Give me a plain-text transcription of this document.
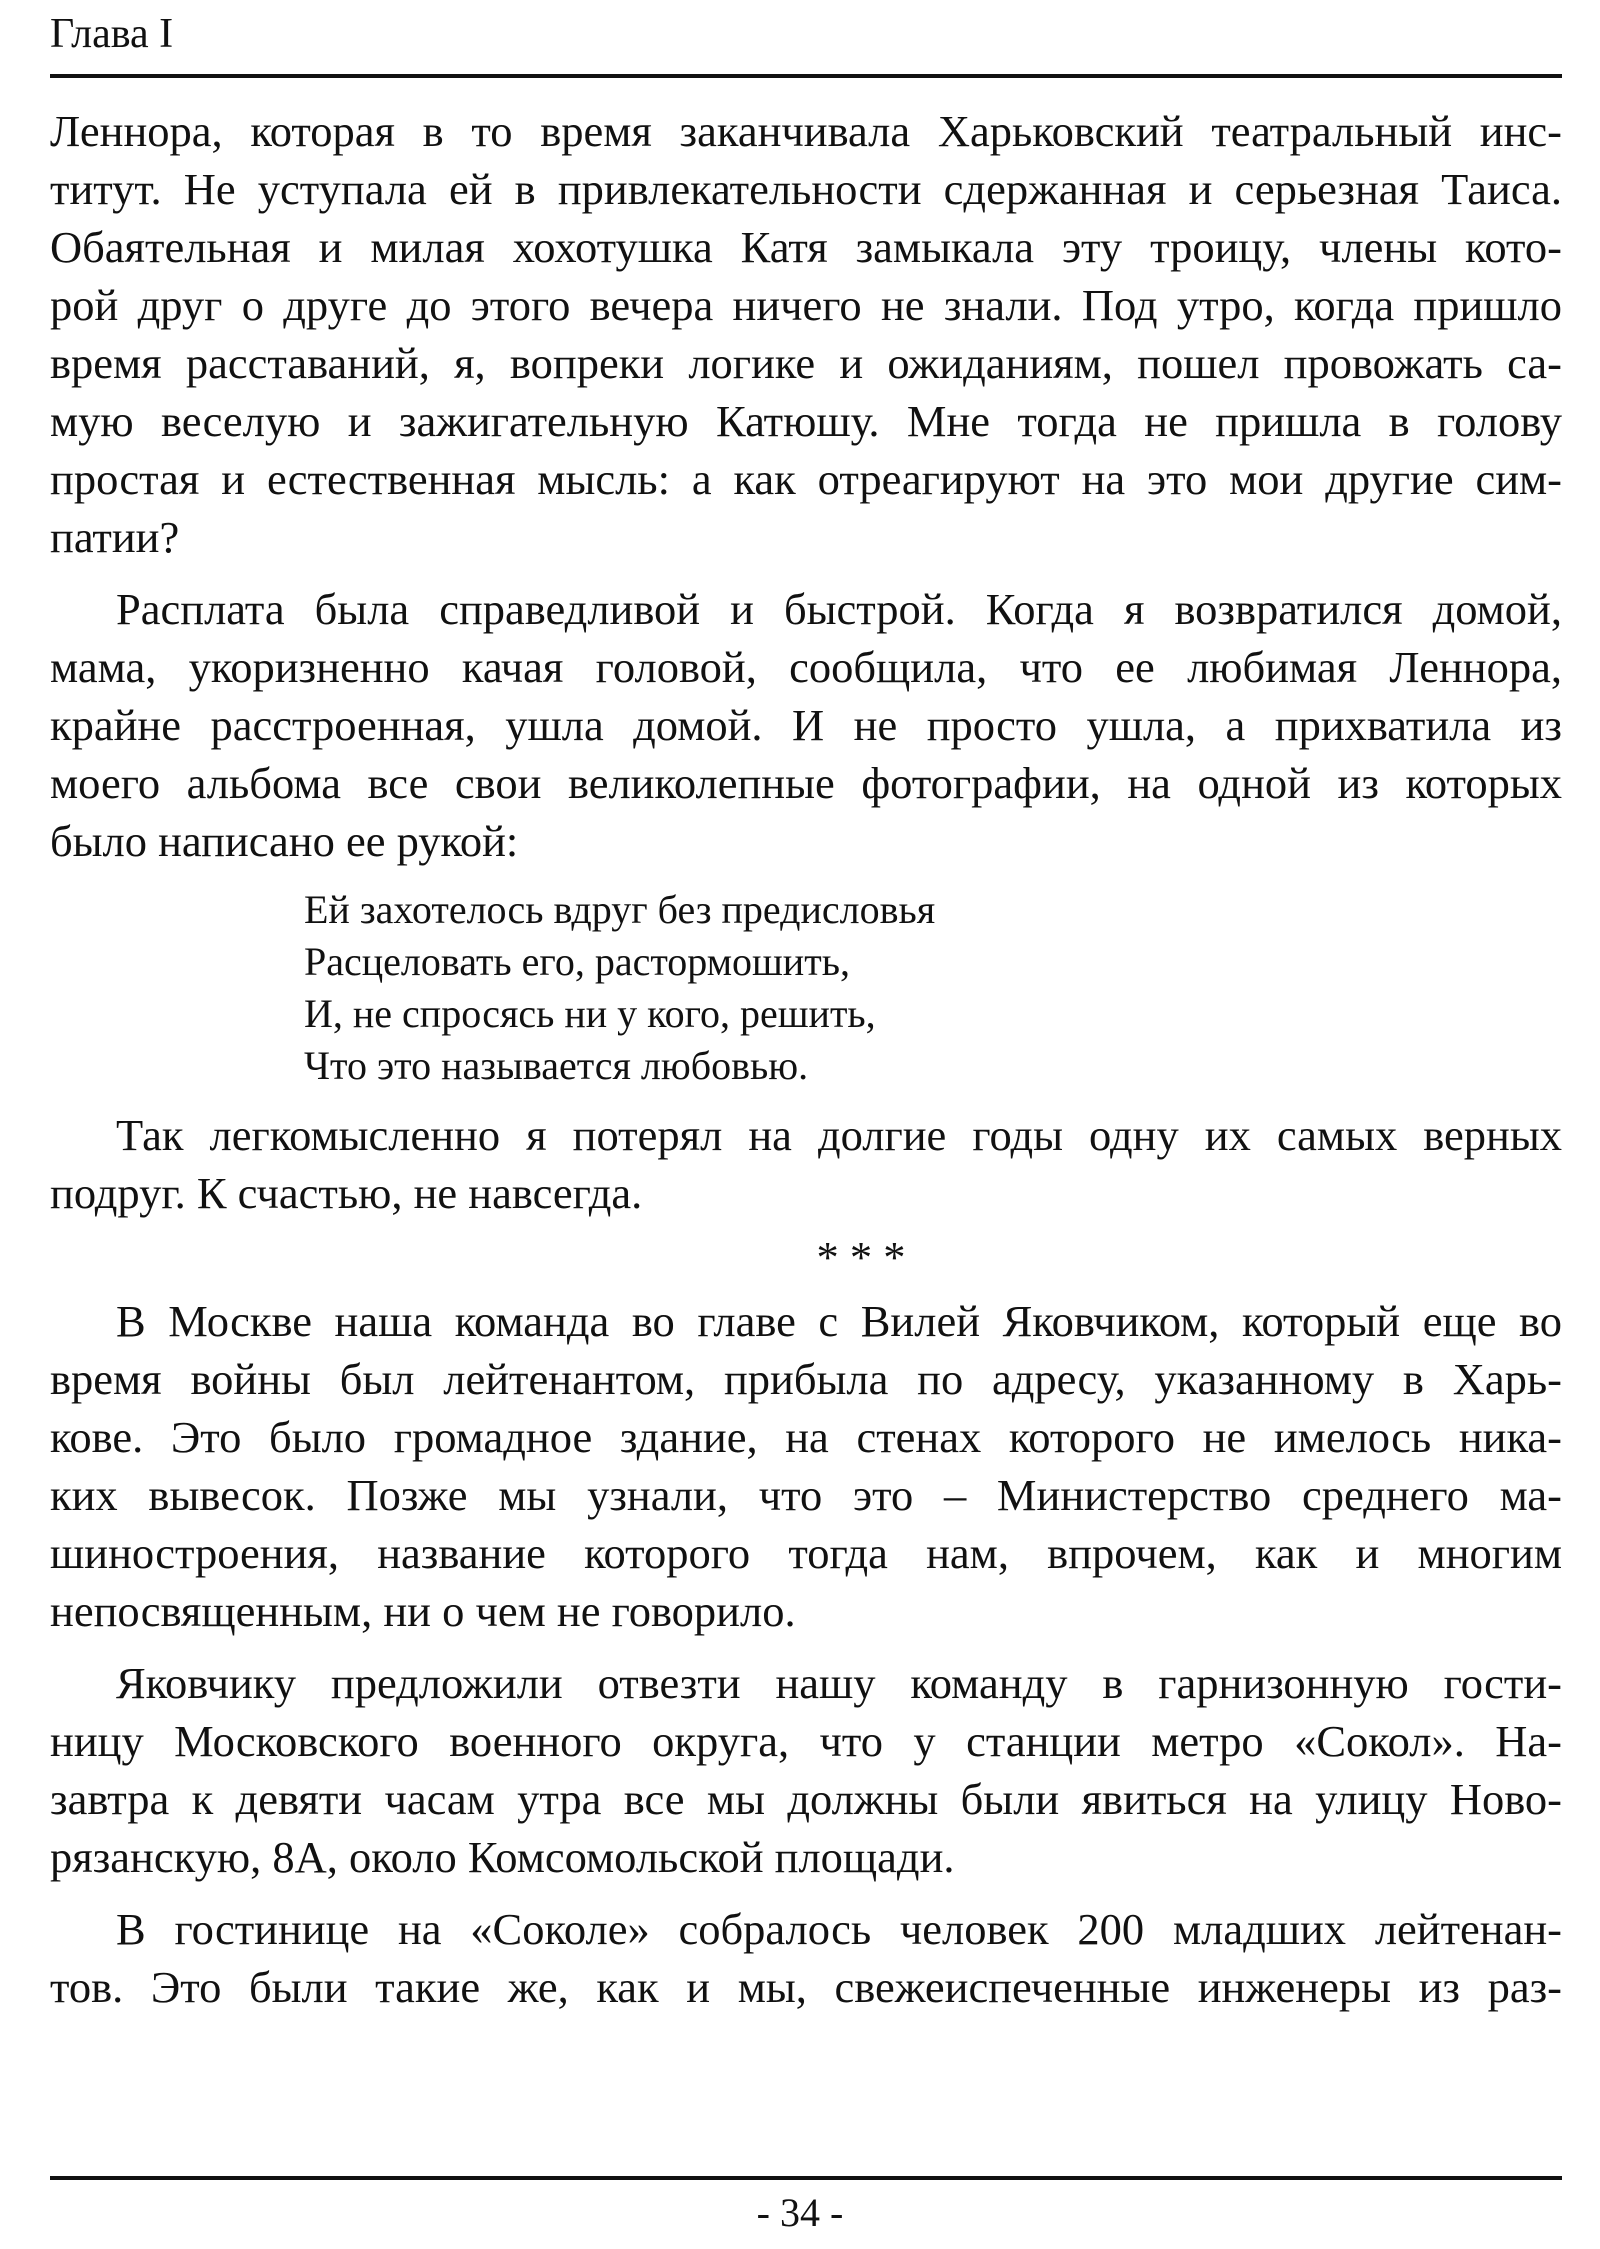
Глава I
Леннора, которая в то время заканчивала Харьковский театральный инс-
титут. Не уступала ей в привлекательности сдержанная и серьезная Таиса.
Обаятельная и милая хохотушка Катя замыкала эту троицу, члены кото-
рой друг о друге до этого вечера ничего не знали. Под утро, когда пришло
время расставаний, я, вопреки логике и ожиданиям, пошел провожать са-
мую веселую и зажигательную Катюшу. Мне тогда не пришла в голову
простая и естественная мысль: а как отреагируют на это мои другие сим-
патии?
Расплата была справедливой и быстрой. Когда я возвратился домой,
мама, укоризненно качая головой, сообщила, что ее любимая Леннора,
крайне расстроенная, ушла домой. И не просто ушла, а прихватила из
моего альбома все свои великолепные фотографии, на одной из которых
было написано ее рукой:
Ей захотелось вдруг без предисловья
Расцеловать его, растормошить,
И, не спросясь ни у кого, решить,
Что это называется любовью.
Так легкомысленно я потерял на долгие годы одну их самых верных
подруг. К счастью, не навсегда.
* * *
В Москве наша команда во главе с Вилей Яковчиком, который еще во
время войны был лейтенантом, прибыла по адресу, указанному в Харь-
кове. Это было громадное здание, на стенах которого не имелось ника-
ких вывесок. Позже мы узнали, что это – Министерство среднего ма-
шиностроения, название которого тогда нам, впрочем, как и многим
непосвященным, ни о чем не говорило.
Яковчику предложили отвезти нашу команду в гарнизонную гости-
ницу Московского военного округа, что у станции метро «Сокол». На-
завтра к девяти часам утра все мы должны были явиться на улицу Ново-
рязанскую, 8А, около Комсомольской площади.
В гостинице на «Соколе» собралось человек 200 младших лейтенан-
тов. Это были такие же, как и мы, свежеиспеченные инженеры из раз-
- 34 -
